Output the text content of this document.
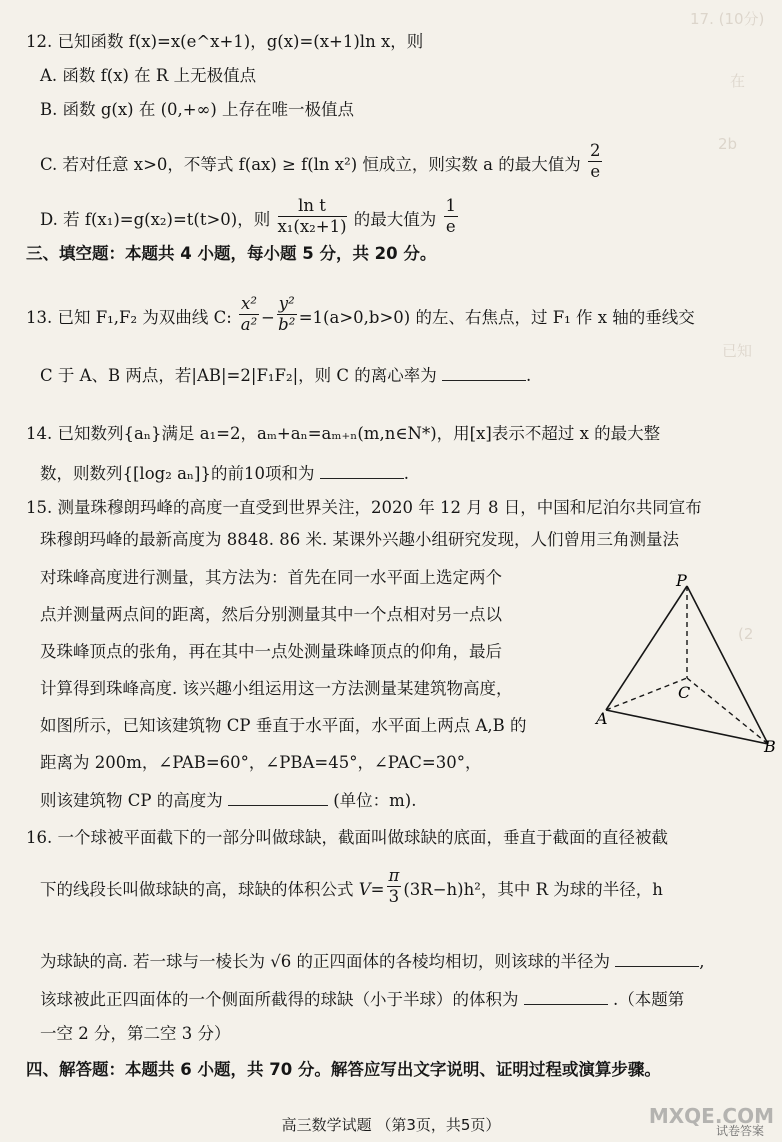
17. (10分)
在
2b
已知
(2
12. 已知函数 f(x)=x(e^x+1)，g(x)=(x+1)ln x，则
A. 函数 f(x) 在 R 上无极值点
B. 函数 g(x) 在 (0,+∞) 上存在唯一极值点
C. 若对任意 x>0，不等式 f(ax) ≥ f(ln x²) 恒成立，则实数 a 的最大值为 $\frac{2}{e}$
D. 若 f(x₁)=g(x₂)=t(t>0)，则 $\frac{\text{ln t}}{\text{x₁(x₂+1)}}$ 的最大值为 $\frac{1}{e}$
三、填空题：本题共 4 小题，每小题 5 分，共 20 分。
13. 已知 F₁,F₂ 为双曲线 C: $\frac{\text{x²}}{\text{a²}} - \frac{\text{y²}}{\text{b²}} =1(a>0,b>0)$ 的左、右焦点，过 F₁ 作 x 轴的垂线交
C 于 A、B 两点，若|AB|=2|F₁F₂|，则 C 的离心率为	.
14. 已知数列{aₙ}满足 a₁=2，aₘ+aₙ=aₘ₊ₙ(m,n∈N*)，用[x]表示不超过 x 的最大整
数，则数列{[log₂ aₙ]}的前10项和为	.
15. 测量珠穆朗玛峰的高度一直受到世界关注，2020 年 12 月 8 日，中国和尼泊尔共同宣布
珠穆朗玛峰的最新高度为 8848. 86 米. 某课外兴趣小组研究发现，人们曾用三角测量法
对珠峰高度进行测量，其方法为：首先在同一水平面上选定两个
点并测量两点间的距离，然后分别测量其中一个点相对另一点以
及珠峰顶点的张角，再在其中一点处测量珠峰顶点的仰角，最后
计算得到珠峰高度. 该兴趣小组运用这一方法测量某建筑物高度，
如图所示，已知该建筑物 CP 垂直于水平面，水平面上两点 A,B 的
距离为 200m，∠PAB=60°，∠PBA=45°，∠PAC=30°，
则该建筑物 CP 的高度为	(单位：m).
P
C
A
B
16. 一个球被平面截下的一部分叫做球缺，截面叫做球缺的底面，垂直于截面的直径被截
下的线段长叫做球缺的高，球缺的体积公式 $V= \frac{\pi}{3} (3R-h)h^2$，其中 R 为球的半径，h
为球缺的高. 若一球与一棱长为 √6 的正四面体的各棱均相切，则该球的半径为	,
该球被此正四面体的一个侧面所截得的球缺（小于半球）的体积为	.（本题第
一空 2 分，第二空 3 分）
四、解答题：本题共 6 小题，共 70 分。解答应写出文字说明、证明过程或演算步骤。
高三数学试题 （第3页，共5页）	MXQE.COM
试卷答案
